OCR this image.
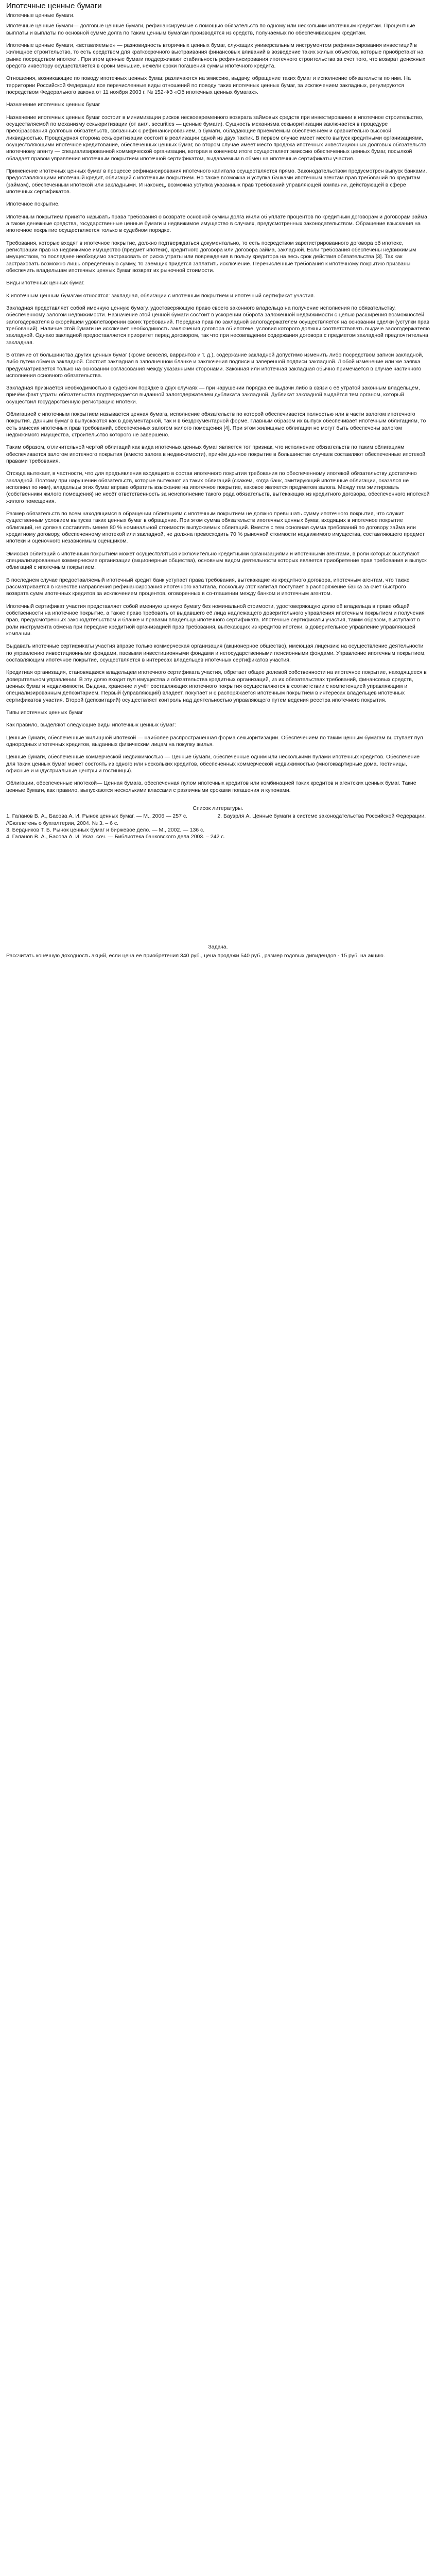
Ипотечные ценные бумаги
Ипотечные ценные бумаги.

Ипотечные ценные бумаги— долговые ценные бумаги, рефинансируемые с помощью обязательств по одному или нескольким ипотечным кредитам. Процентные выплаты и выплаты по основной сумме долга по таким ценным бумагам производятся из средств, получаемых по обеспечивающим кредитам.

Ипотечные ценные бумаги, «вставляемые» — разновидность вторичных ценных бумаг, служащих универсальным инструментом рефинансирования инвестиций в жилищное строительство, то есть средством для краткосрочного выстраивания финансовых вливаний в возведение таких жилых объектов, которые приобретают на рынке посредством ипотеки . При этом ценные бумаги поддерживают стабильность рефинансирования ипотечного строительства за счет того, что возврат денежных средств инвестору осуществляется в сроки меньшие, нежели сроки погашения суммы ипотечного кредита.

Отношения, возникающие по поводу ипотечных ценных бумаг, различаются на эмиссию, выдачу, обращение таких бумаг и исполнение обязательств по ним. На территории Российской Федерации все перечисленные виды отношений по поводу таких ипотечных ценных бумаг, за исключением закладных, регулируются посредством Федерального закона от 11 ноября 2003 г. № 152-ФЗ «Об ипотечных ценных бумагах».

Назначение ипотечных ценных бумаг

Назначение ипотечных ценных бумаг состоит в минимизации рисков несвоевременного возврата займовых средств при инвестировании в ипотечное строительство, осуществляемой по механизму секьюритизации (от англ. securities — ценные бумаги). Сущность механизма секьюритизации заключается в процедуре преобразования долговых обязательств, связанных с рефинансированием, в бумаги, обладающие приемлемым обеспечением и сравнительно высокой ликвидностью. Процедурная сторона секьюритизации состоит в реализации одной из двух тактик. В первом случае имеет место выпуск кредитными организациями, осуществляющими ипотечное кредитование, обеспеченных ценных бумаг, во втором случае имеет место продажа ипотечных инвестиционных долговых обязательств ипотечному агенту — специализированной коммерческой организации, которая в конечном итоге осуществляет эмиссию обеспеченных ценных бумаг, посылкой обладает правом управления ипотечным покрытием ипотечной сертификатом, выдаваемым в обмен на ипотечные сертификаты участия.

Применение ипотечных ценных бумаг в процессе рефинансирования ипотечного капитала осуществляется прямо. Законодательством предусмотрен выпуск банками, предоставляющими ипотечный кредит, облигаций с ипотечным покрытием. Но также возможна и уступка банками ипотечным агентам прав требований по кредитам (займам), обеспеченным ипотекой или закладными. И наконец, возможна уступка указанных прав требований управляющей компании, действующей в сфере ипотечных сертификатов.

Ипотечное покрытие.

Ипотечным покрытием принято называть права требования о возврате основной суммы долга и/или об уплате процентов по кредитным договорам и договорам займа, а также денежные средства, государственные ценные бумаги и недвижимое имущество в случаях, предусмотренных законодательством. Обращение взыскания на ипотечное покрытие осуществляется только в судебном порядке.

Требования, которые входят в ипотечное покрытие, должно подтверждаться документально, то есть посредством зарегистрированного договора об ипотеке, регистрации прав на недвижимое имущество (предмет ипотеки), кредитного договора или договора займа, закладной. Если требования обеспечены недвижимым имуществом, то последнее необходимо застраховать от риска утраты или повреждения в пользу кредитора на весь срок действия обязательства [3]. Так как застраховать возможно лишь определенную сумму, то заемщик придется заплатить исключение. Перечисленные требования к ипотечному покрытию призваны обеспечить владельцам ипотечных ценных бумаг возврат их рыночной стоимости.

Виды ипотечных ценных бумаг.

К ипотечным ценным бумагам относятся: закладная, облигации с ипотечным покрытием и ипотечный сертификат участия.

Закладная представляет собой именную ценную бумагу, удостоверяющую право своего законного владельца на получение исполнения по обязательству, обеспеченному залогом недвижимости. Назначение этой ценной бумаги состоит в ускорении оборота заложенной недвижимости с целью расширения возможностей залогодержателя в скорейшем удовлетворении своих требований. Передача прав по закладной залогодержателем осуществляется на основании сделки (уступки прав требований). Наличие этой бумаги не исключает необходимость заключения договора об ипотеке, условия которого должны соответствовать выдаче залогодержателю закладной. Однако закладной предоставляется приоритет перед договором, так что при несовпадении содержания договора с предметом закладной предпочтительна закладная.

В отличие от большинства других ценных бумаг (кроме векселя, варрантов и т. д.), содержание закладной допустимо изменить либо посредством записи закладной, либо путем обмена закладной. Состоит закладная в заполненном бланке и заключения подписи и заверенной подписи закладной. Любой изменение или же заявка предусматривается только на основании согласования между указанными сторонами. Законная или ипотечная закладная обычно примечается в случае частичного исполнения основного обязательства.

Закладная признаётся необходимостью в судебном порядке в двух случаях — при нарушении порядка её выдачи либо в связи с её утратой законным владельцем, причём факт утраты обязательства подтверждается выданной залогодержателем дубликата закладной. Дубликат закладной выдаётся тем органом, который осуществил государственную регистрацию ипотеки.

Облигацией с ипотечным покрытием называется ценная бумага, исполнение обязательств по которой обеспечивается полностью или в части залогом ипотечного покрытия. Данным бумаг в выпускаются как в документарной, так и в бездокументарной форме. Главным образом их выпуск обеспечивает ипотечным облигациям, то есть эмиссия ипотечных прав требований, обеспеченных залогом жилого помещения [4]. При этом жилищные облигации не могут быть обеспечены залогом недвижимого имущества, строительство которого не завершено.

Таким образом, отличительной чертой облигаций как вида ипотечных ценных бумаг является тот признак, что исполнение обязательств по таким облигациям обеспечивается залогом ипотечного покрытия (вместо залога в недвижимости), причём данное покрытие в большинстве случаев составляют обеспеченные ипотекой правами требования.

Отсюда вытекает, в частности, что для предъявления входящего в состав ипотечного покрытия требования по обеспеченному ипотекой обязательству достаточно закладной. Поэтому при нарушении обязательств, которые вытекают из таких облигаций (скажем, когда банк, эмитирующий ипотечные облигации, оказался не исполнил по ним), владельцы этих бумаг вправе обратить взыскание на ипотечное покрытие, каковое является предметом залога. Между тем эмитировать (собственники жилого помещения) не несёт ответственность за неисполнение такого рода обязательств, вытекающих из кредитного договора, обеспеченного ипотекой жилого помещения.

Размер обязательств по всем находящимся в обращении облигациям с ипотечным покрытием не должно превышать сумму ипотечного покрытия, что служит существенным условием выпуска таких ценных бумаг в обращение. При этом сумма обязательств ипотечных ценных бумаг, входящих в ипотечное покрытие облигаций, не должна составлять менее 80 % номинальной стоимости выпускаемых облигаций. Вместе с тем основная сумма требований по договору займа или кредитному договору, обеспеченному ипотекой или закладной, не должна превосходить 70 % рыночной стоимости недвижимого имущества, составляющего предмет ипотеки и оценочного независимым оценщиком.

Эмиссия облигаций с ипотечным покрытием может осуществляться исключительно кредитными организациями и ипотечными агентами, в роли которых выступают специализированные коммерческие организации (акционерные общества), основным видом деятельности которых является приобретение прав требования и выпуск облигаций с ипотечным покрытием.

В последнем случае предоставляемый ипотечный кредит банк уступает права требования, вытекающие из кредитного договора, ипотечным агентам, что также рассматривается в качестве направления рефинансирования ипотечного капитала, поскольку этот капитал поступает в распоряжение банка за счёт быстрого возврата сумм ипотечных кредитов за исключением процентов, оговоренных в со-глашении между банком и ипотечным агентом.

Ипотечный сертификат участия представляет собой именную ценную бумагу без номинальной стоимости, удостоверяющую долю её владельца в праве общей собственности на ипотечное покрытие, а также право требовать от выдавшего её лица надлежащего доверительного управления ипотечным покрытием и получения прав, предусмотренных законодательством и бланке и правами владельца ипотечного сертификата. Ипотечные сертификаты участия, таким образом, выступают в роли инструмента обмена при передаче кредитной организацией прав требования, вытекающих из кредитов ипотеки, в доверительное управление управляющей компании.

Выдавать ипотечные сертификаты участия вправе только коммерческая организация (акционерное общество), имеющая лицензию на осуществление деятельности по управлению инвестиционными фондами, паевыми инвестиционными фондами и негосударственными пенсионными фондами. Управление ипотечным покрытием, составляющим ипотечное покрытие, осуществляется в интересах владельцев ипотечных сертификатов участия.

Кредитная организация, становящаяся владельцем ипотечного сертификата участия, обретает общее долевой собственности на ипотечное покрытие, находящееся в доверительном управлении. В эту долю входит пул имущества и обязательства кредитных организаций, из их обязательствах требований, финансовых средств, ценных бумаг и недвижимости. Выдача, хранение и учёт составляющих ипотечного покрытия осуществляются в соответствии с компетенцией управляющим и специализированным депозитарием. Первый (управляющий) владеет, покупает и с распоряжается ипотечным покрытием в интересах владельцев ипотечных сертификатов участия. Второй (депозитарий) осуществляет контроль над деятельностью управляющего путем ведения реестра ипотечного покрытия.

Типы ипотечных ценных бумаг

Как правило, выделяют следующие виды ипотечных ценных бумаг:

Ценные бумаги, обеспеченные жилищной ипотекой — наиболее распространенная форма секьюритизации. Обеспечением по таким ценным бумагам выступает пул однородных ипотечных кредитов, выданных физическим лицам на покупку жилья.

Ценные бумаги, обеспеченные коммерческой недвижимостью — Ценные бумаги, обеспеченные одним или несколькими пулами ипотечных кредитов. Обеспечение для таких ценных бумаг может состоять из одного или нескольких кредитов, обеспеченных коммерческой недвижимостью (многоквартирные дома, гостиницы, офисные и индустриальные центры и гостиницы).

Облигации, обеспеченные ипотекой— Ценная бумага, обеспеченная пулом ипотечных кредитов или комбинацией таких кредитов и агентских ценных бумаг. Такие ценные бумаги, как правило, выпускаются несколькими классами с различными сроками погашения и купонами.

Список литературы.

1. Галанов В. А., Басова А. И. Рынок ценных бумаг. — М., 2006 — 257 с.                    2. Бауэрля А. Ценные бумаги в системе законодательства Российской Федерации. //Бюллетень о бухгалтерии, 2004. № 3. – 6 с.

3. Бердников Т. Б. Рынок ценных бумаг и биржевое дело. — М., 2002. — 136 с.

4. Галанов В. А., Басова А. И. Указ. соч. — Библиотека банковского дела 2003. – 242 с.

Задача.

Рассчитать конечную доходность акций, если цена ее приобретения 340 руб., цена продажи 540 руб., размер годовых дивидендов - 15 руб. на акцию.
